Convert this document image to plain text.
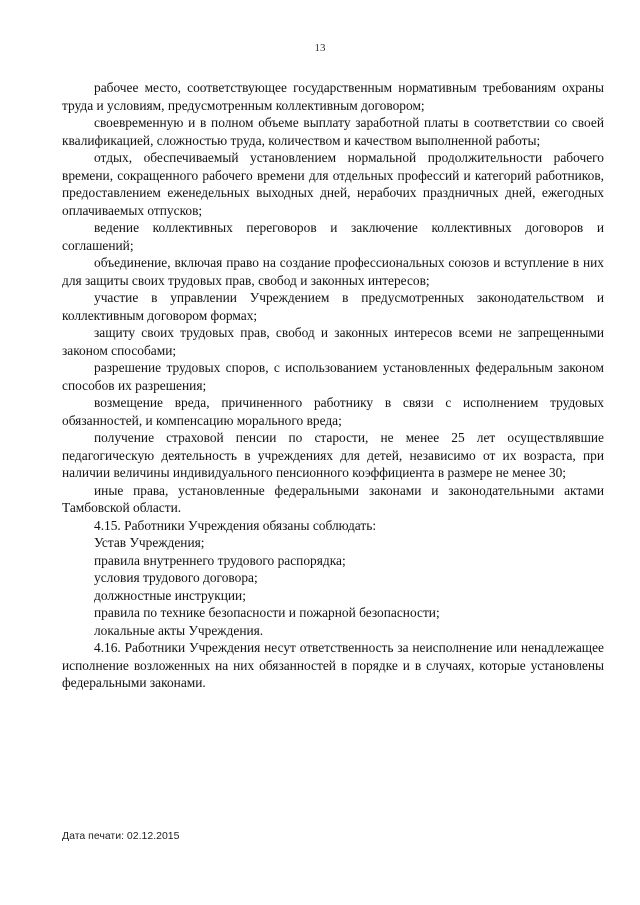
13

рабочее место, соответствующее государственным нормативным требованиям охраны труда и условиям, предусмотренным коллективным договором;

своевременную и в полном объеме выплату заработной платы в соответствии со своей квалификацией, сложностью труда, количеством и качеством выполненной работы;

отдых, обеспечиваемый установлением нормальной продолжительности рабочего времени, сокращенного рабочего времени для отдельных профессий и категорий работников, предоставлением еженедельных выходных дней, нерабочих праздничных дней, ежегодных оплачиваемых отпусков;

ведение коллективных переговоров и заключение коллективных договоров и соглашений;

объединение, включая право на создание профессиональных союзов и вступление в них для защиты своих трудовых прав, свобод и законных интересов;

участие в управлении Учреждением в предусмотренных законодательством и коллективным договором формах;

защиту своих трудовых прав, свобод и законных интересов всеми не запрещенными законом способами;

разрешение трудовых споров, с использованием установленных федеральным законом способов их разрешения;

возмещение вреда, причиненного работнику в связи с исполнением трудовых обязанностей, и компенсацию морального вреда;

получение страховой пенсии по старости, не менее 25 лет осуществлявшие педагогическую деятельность в учреждениях для детей, независимо от их возраста, при наличии величины индивидуального пенсионного коэффициента в размере не менее 30;

иные права, установленные федеральными законами и законодательными актами Тамбовской области.

4.15. Работники Учреждения обязаны соблюдать:

Устав Учреждения;

правила внутреннего трудового распорядка;

условия трудового договора;

должностные инструкции;

правила по технике безопасности и пожарной безопасности;

локальные акты Учреждения.

4.16. Работники Учреждения несут ответственность за неисполнение или ненадлежащее исполнение возложенных на них обязанностей в порядке и в случаях, которые установлены федеральными законами.

Дата печати: 02.12.2015
